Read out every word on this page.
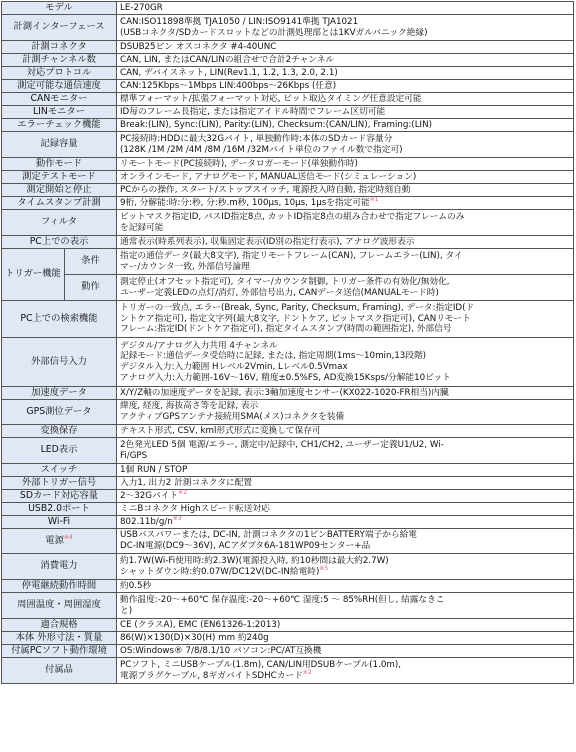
モデル		LE-270GR

計測インターフェース		CAN:ISO11898準拠 TJA1050 / LIN:ISO9141準拠 TJA1021
(USBコネクタ/SDカードスロットなどの計測処理部とは1KVガルバニック絶縁)

計測コネクタ		DSUB25ピン オスコネクタ #4-40UNC

計測チャンネル数		CAN, LIN, またはCAN/LINの組合せで合計2チャンネル

対応プロトコル		CAN, デバイスネット, LIN(Rev1.1, 1.2, 1.3, 2.0, 2.1)

測定可能な通信速度		CAN:125Kbps〜1Mbps LIN:400bps〜26Kbps (任意)

CANモニター		標準フォーマット/拡張フォーマット対応, ビット取込タイミング任意設定可能

LINモニター		ID毎のフレーム長指定, または指定アイドル時間でフレーム区切可能

エラーチェック機能		Break:(LIN), Sync:(LIN), Parity:(LIN), Checksum:(CAN/LIN), Framing:(LIN)

記録容量		PC接続時:HDDに最大32Gバイト, 単独動作時:本体のSDカード容量分
(128K /1M /2M /4M /8M /16M /32Mバイト単位のファイル数で指定可)

動作モード		リモートモード(PC接続時), データロガーモード(単独動作時)

測定テストモード		オンラインモード, アナログモード, MANUAL送信モード(シミュレーション)

測定開始と停止		PCからの操作, スタート/ストップスイッチ, 電源投入時自動, 指定時刻自動

タイムスタンプ計測		9桁, 分解能:時:分:秒, 分:秒.m秒, 100μs, 10μs, 1μsを指定可能$^{※1}$

フィルタ		ビットマスク指定ID, パスID指定8点, カットID指定8点の組み合わせで指定フレームのみ
を記録可能

PC上での表示		通常表示(時系列表示), 収集固定表示(ID別の指定行表示), アナログ波形表示

トリガー機能	条件	指定の通信データ(最大8文字), 指定リモートフレーム(CAN), フレームエラー(LIN), タイ
マー/カウンタ一致, 外部信号論理

	動作	測定停止(オフセット指定可), タイマー/カウンタ制御, トリガー条件の有効化/無効化,
ユーザー定義LEDの点灯/消灯, 外部信号出力, CANデータ送信(MANUALモード時)

PC上での検索機能		トリガーの一致点, エラー(Break, Sync, Parity, Checksum, Framing), データ:指定ID(ド
ントケア指定可), 指定文字列(最大8文字, ドントケア, ビットマスク指定可), CANリモート
フレーム:指定ID(ドントケア指定可), 指定タイムスタンプ(時間の範囲指定), 外部信号

外部信号入力		デジタル/アナログ入力共用 4チャンネル
記録モード:通信データ受信時に記録, または, 指定周期(1ms〜10min,13段階)
デジタル入力:入力範囲 Hレベル2Vmin, Lレベル0.5Vmax
アナログ入力:入力範囲-16V〜16V, 精度±0.5%FS, AD変換15Ksps/分解能10ビット

加速度データ		X/Y/Z軸の加速度データを記録, 表示:3軸加速度センサー(KX022-1020-FR相当)内臓

GPS測位データ		緯度, 経度, 海抜高さ等を記録, 表示
アクティブGPSアンテナ接続用SMA(メス)コネクタを装備

変換保存		テキスト形式, CSV, kml形式形式に変換して保存可

LED表示		2色発光LED 5個 電源/エラー, 測定中/記録中, CH1/CH2, ユーザー定義U1/U2, Wi-
Fi/GPS

スイッチ		1個 RUN / STOP

外部トリガー信号		入力1, 出力2 計測コネクタに配置

SDカード対応容量		2〜32Gバイト$^{※2}$

USB2.0ポート		ミニBコネクタ Highスピード転送対応

Wi-Fi		$802.11b/g/n^{※3}$

電源$^{※4}$		USBバスパワーまたは, DC-IN, 計測コネクタの1ピンBATTERY端子から給電
DC-IN電源(DC9〜36V), ACアダプタ6A-181WP09センター+品

消費電力		約1.7W(Wi-Fi使用時:約2.3W)(電源投入時, 約10秒間は最大約2.7W)
シャットダウン時:約0.07W/DC12V(DC-IN給電時)$^{※5}$

停電継続動作時間		約0.5秒

周囲温度・周囲湿度		動作温度:-20〜+60℃ 保存温度:-20〜+60℃ 湿度:5 〜 85%RH(但し, 結露なきこ
と)

適合規格		CE (クラスA), EMC (EN61326-1:2013)

本体 外形寸法・質量		86(W)×130(D)×30(H) mm 約240g

付属PCソフト動作環境		OS:Windows® 7/8/8.1/10 パソコン:PC/AT互換機

付属品		PCソフト, ミニUSBケーブル(1.8m), CAN/LIN用DSUBケーブル(1.0m),
電源プラグケーブル, 8ギガバイトSDHCカード$^{※2}$
